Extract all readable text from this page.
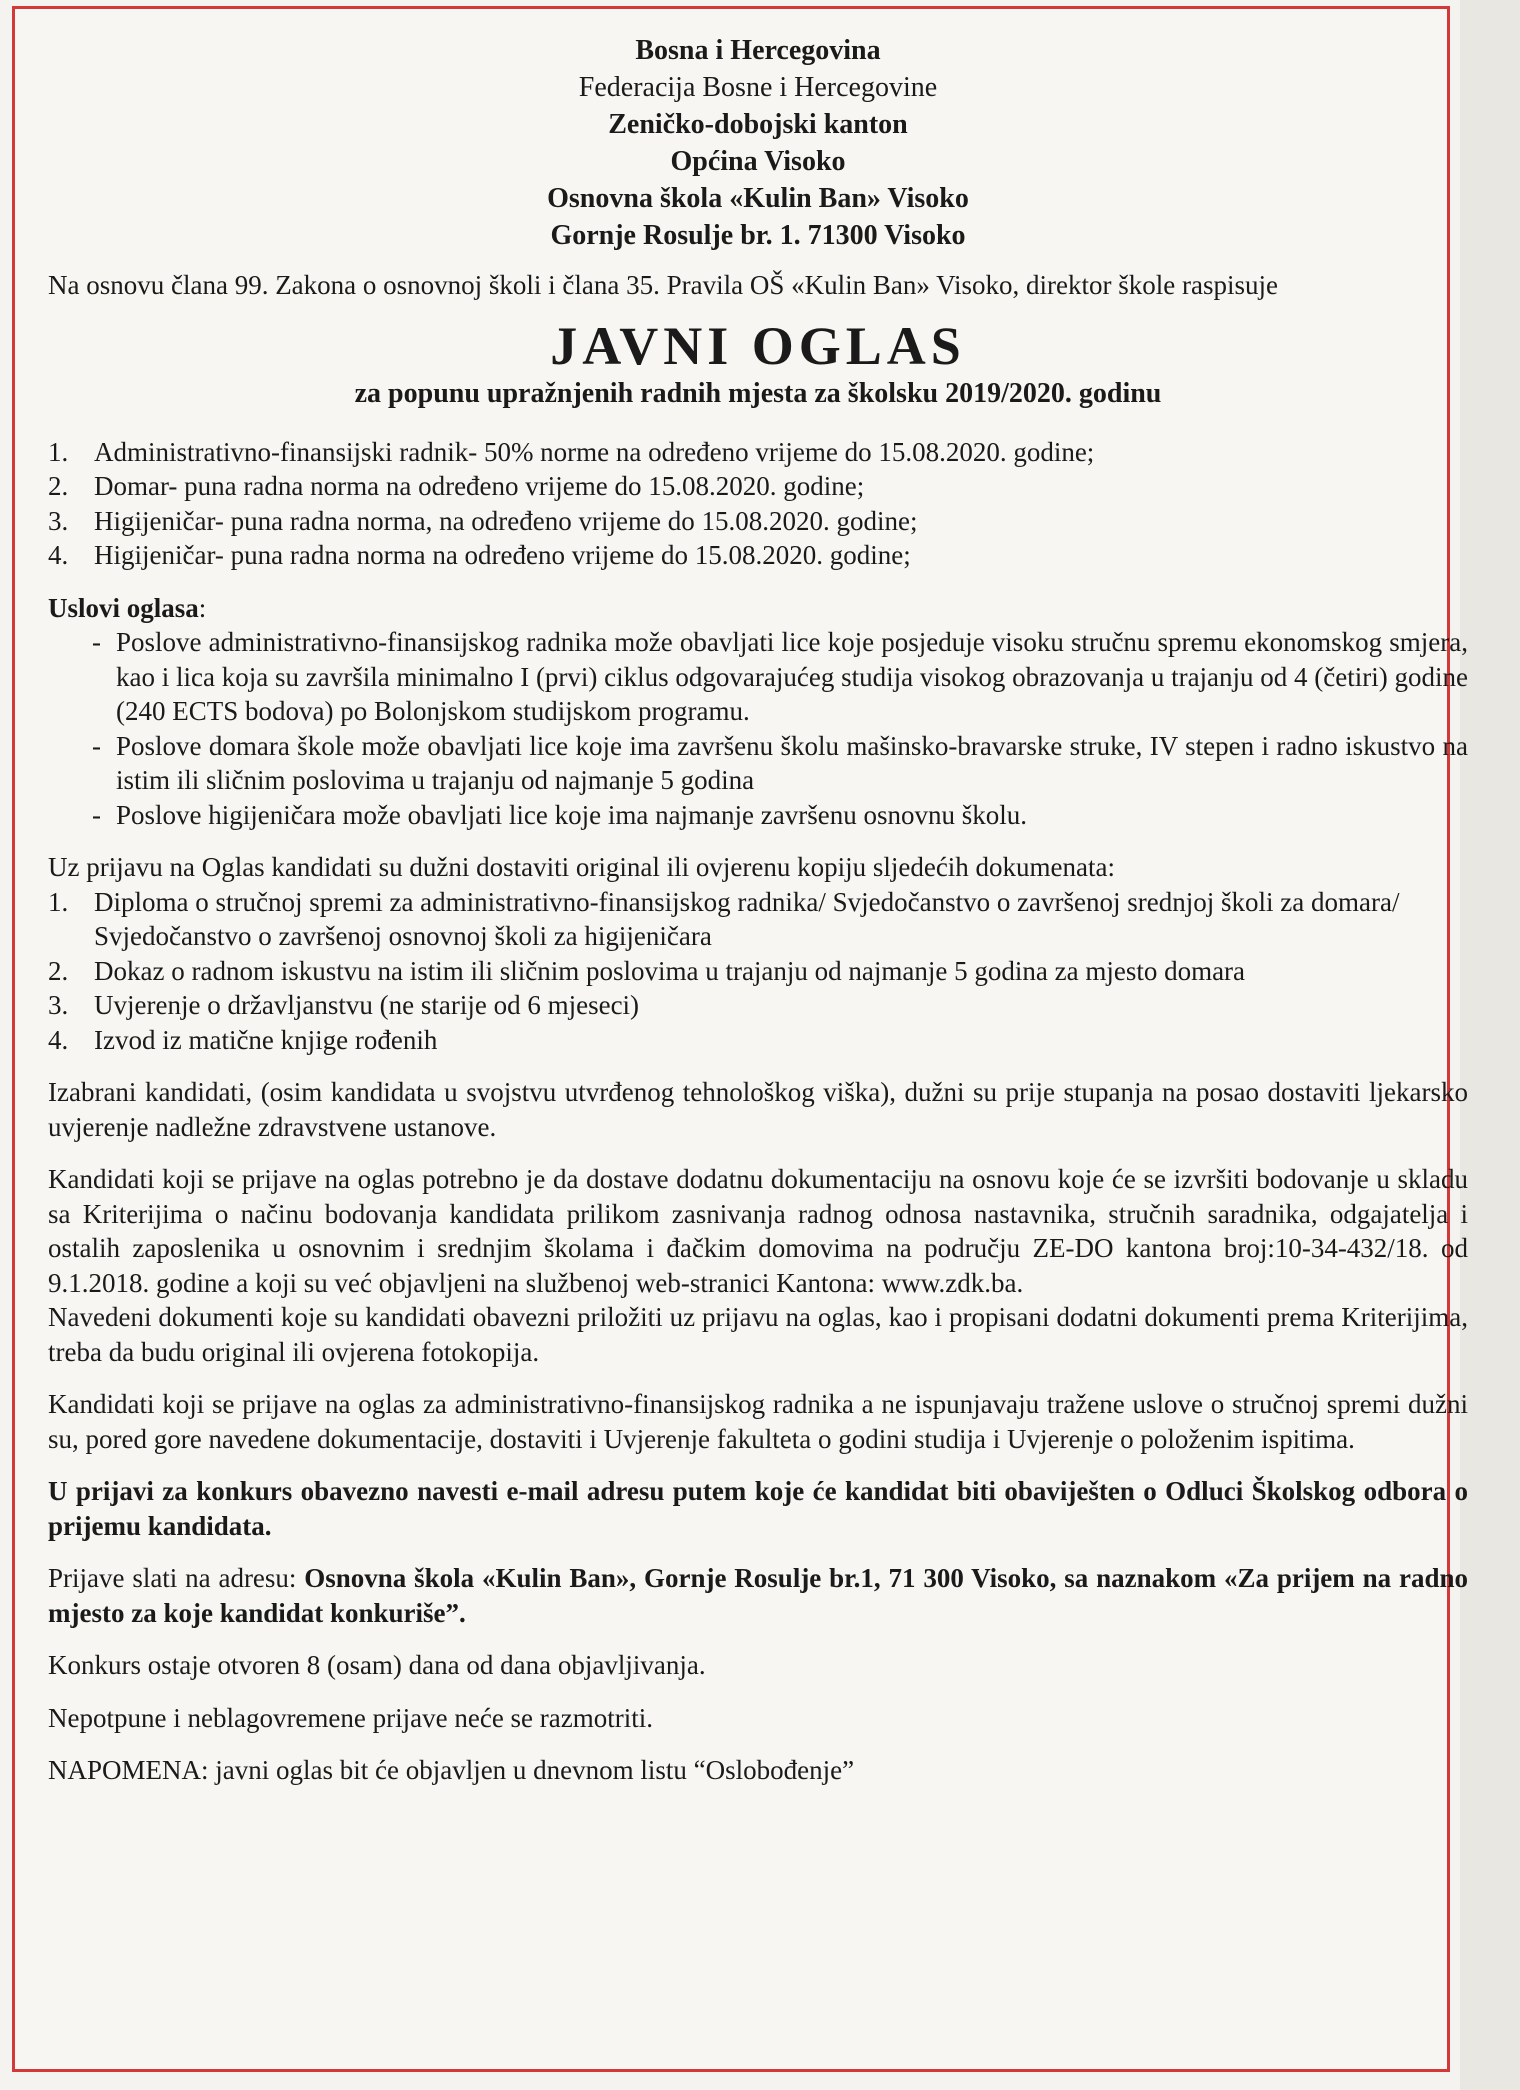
Bosna i Hercegovina
Federacija Bosne i Hercegovine
Zeničko-dobojski kanton
Općina Visoko
Osnovna škola «Kulin Ban» Visoko
Gornje Rosulje br. 1. 71300 Visoko

Na osnovu člana 99. Zakona o osnovnoj školi i člana 35. Pravila OŠ «Kulin Ban» Visoko, direktor škole raspisuje

JAVNI OGLAS
za popunu upražnjenih radnih mjesta za školsku 2019/2020. godinu
1. Administrativno-finansijski radnik- 50% norme na određeno vrijeme do 15.08.2020. godine;
2. Domar- puna radna norma na određeno vrijeme do 15.08.2020. godine;
3. Higijeničar- puna radna norma, na određeno vrijeme do 15.08.2020. godine;
4. Higijeničar- puna radna norma na određeno vrijeme do 15.08.2020. godine;
Uslovi oglasa:
- Poslove administrativno-finansijskog radnika može obavljati lice koje posjeduje visoku stručnu spremu ekonomskog smjera, kao i lica koja su završila minimalno I (prvi) ciklus odgovarajućeg studija visokog obrazovanja u trajanju od 4 (četiri) godine (240 ECTS bodova) po Bolonjskom studijskom programu.
- Poslove domara škole može obavljati lice koje ima završenu školu mašinsko-bravarske struke, IV stepen i radno iskustvo na istim ili sličnim poslovima u trajanju od najmanje 5 godina
- Poslove higijeničara može obavljati lice koje ima najmanje završenu osnovnu školu.

Uz prijavu na Oglas kandidati su dužni dostaviti original ili ovjerenu kopiju sljedećih dokumenata:

1. Diploma o stručnoj spremi za administrativno-finansijskog radnika/ Svjedočanstvo o završenoj srednjoj školi za domara/ Svjedočanstvo o završenoj osnovnoj školi za higijeničara
2. Dokaz o radnom iskustvu na istim ili sličnim poslovima u trajanju od najmanje 5 godina za mjesto domara
3. Uvjerenje o državljanstvu (ne starije od 6 mjeseci)
4. Izvod iz matične knjige rođenih

Izabrani kandidati, (osim kandidata u svojstvu utvrđenog tehnološkog viška), dužni su prije stupanja na posao dostaviti ljekarsko uvjerenje nadležne zdravstvene ustanove.

Kandidati koji se prijave na oglas potrebno je da dostave dodatnu dokumentaciju na osnovu koje će se izvršiti bodovanje u skladu sa Kriterijima o načinu bodovanja kandidata prilikom zasnivanja radnog odnosa nastavnika, stručnih saradnika, odgajatelja i ostalih zaposlenika u osnovnim i srednjim školama i đačkim domovima na području ZE-DO kantona broj:10-34-432/18. od 9.1.2018. godine a koji su već objavljeni na službenoj web-stranici Kantona: www.zdk.ba.

Navedeni dokumenti koje su kandidati obavezni priložiti uz prijavu na oglas, kao i propisani dodatni dokumenti prema Kriterijima, treba da budu original ili ovjerena fotokopija.

Kandidati koji se prijave na oglas za administrativno-finansijskog radnika a ne ispunjavaju tražene uslove o stručnoj spremi dužni su, pored gore navedene dokumentacije, dostaviti i Uvjerenje fakulteta o godini studija i Uvjerenje o položenim ispitima.

U prijavi za konkurs obavezno navesti e-mail adresu putem koje će kandidat biti obaviješten o Odluci Školskog odbora o prijemu kandidata.

Prijave slati na adresu: Osnovna škola «Kulin Ban», Gornje Rosulje br.1, 71 300 Visoko, sa naznakom «Za prijem na radno mjesto za koje kandidat konkuriše”.

Konkurs ostaje otvoren 8 (osam) dana od dana objavljivanja.

Nepotpune i neblagovremene prijave neće se razmotriti.

NAPOMENA: javni oglas bit će objavljen u dnevnom listu “Oslobođenje”
